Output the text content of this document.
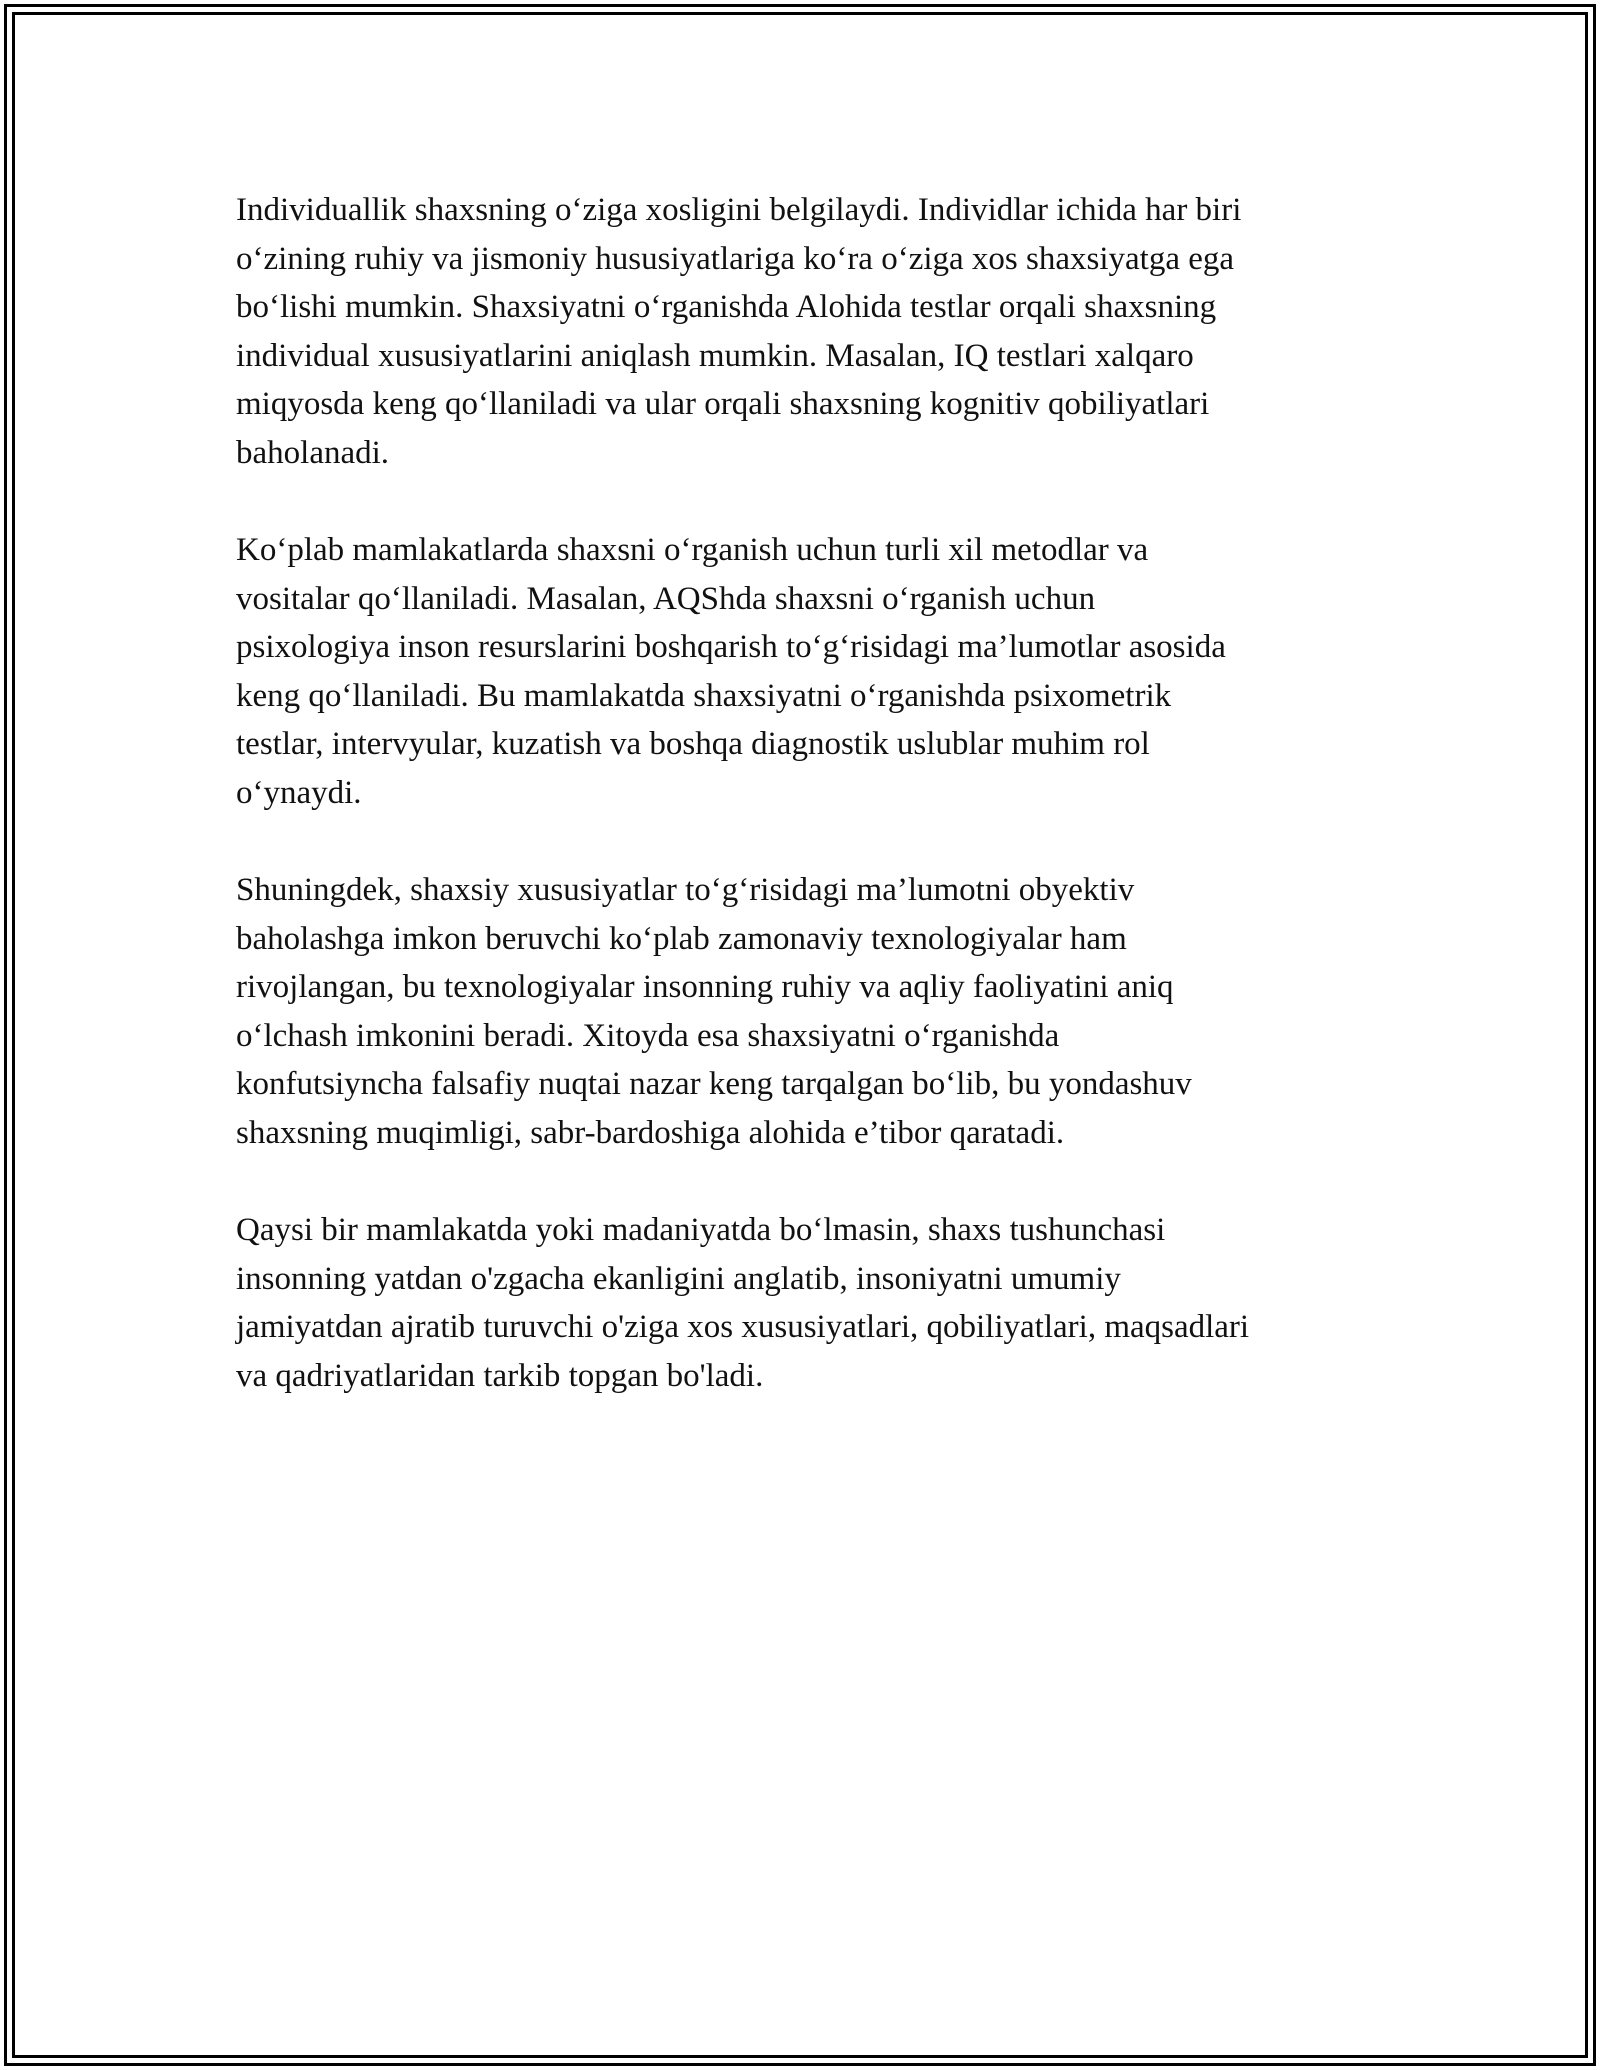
Individuallik shaxsning o‘ziga xosligini belgilaydi. Individlar ichida har biri
o‘zining ruhiy va jismoniy hususiyatlariga ko‘ra o‘ziga xos shaxsiyatga ega
bo‘lishi mumkin. Shaxsiyatni o‘rganishda Alohida testlar orqali shaxsning
individual xususiyatlarini aniqlash mumkin. Masalan, IQ testlari xalqaro
miqyosda keng qo‘llaniladi va ular orqali shaxsning kognitiv qobiliyatlari
baholanadi.

Ko‘plab mamlakatlarda shaxsni o‘rganish uchun turli xil metodlar va
vositalar qo‘llaniladi. Masalan, AQShda shaxsni o‘rganish uchun
psixologiya inson resurslarini boshqarish to‘g‘risidagi ma’lumotlar asosida
keng qo‘llaniladi. Bu mamlakatda shaxsiyatni o‘rganishda psixometrik
testlar, intervyular, kuzatish va boshqa diagnostik uslublar muhim rol
o‘ynaydi.

Shuningdek, shaxsiy xususiyatlar to‘g‘risidagi ma’lumotni obyektiv
baholashga imkon beruvchi ko‘plab zamonaviy texnologiyalar ham
rivojlangan, bu texnologiyalar insonning ruhiy va aqliy faoliyatini aniq
o‘lchash imkonini beradi. Xitoyda esa shaxsiyatni o‘rganishda
konfutsiyncha falsafiy nuqtai nazar keng tarqalgan bo‘lib, bu yondashuv
shaxsning muqimligi, sabr-bardoshiga alohida e’tibor qaratadi.

Qaysi bir mamlakatda yoki madaniyatda bo‘lmasin, shaxs tushunchasi
insonning yatdan o'zgacha ekanligini anglatib, insoniyatni umumiy
jamiyatdan ajratib turuvchi o'ziga xos xususiyatlari, qobiliyatlari, maqsadlari
va qadriyatlaridan tarkib topgan bo'ladi.
